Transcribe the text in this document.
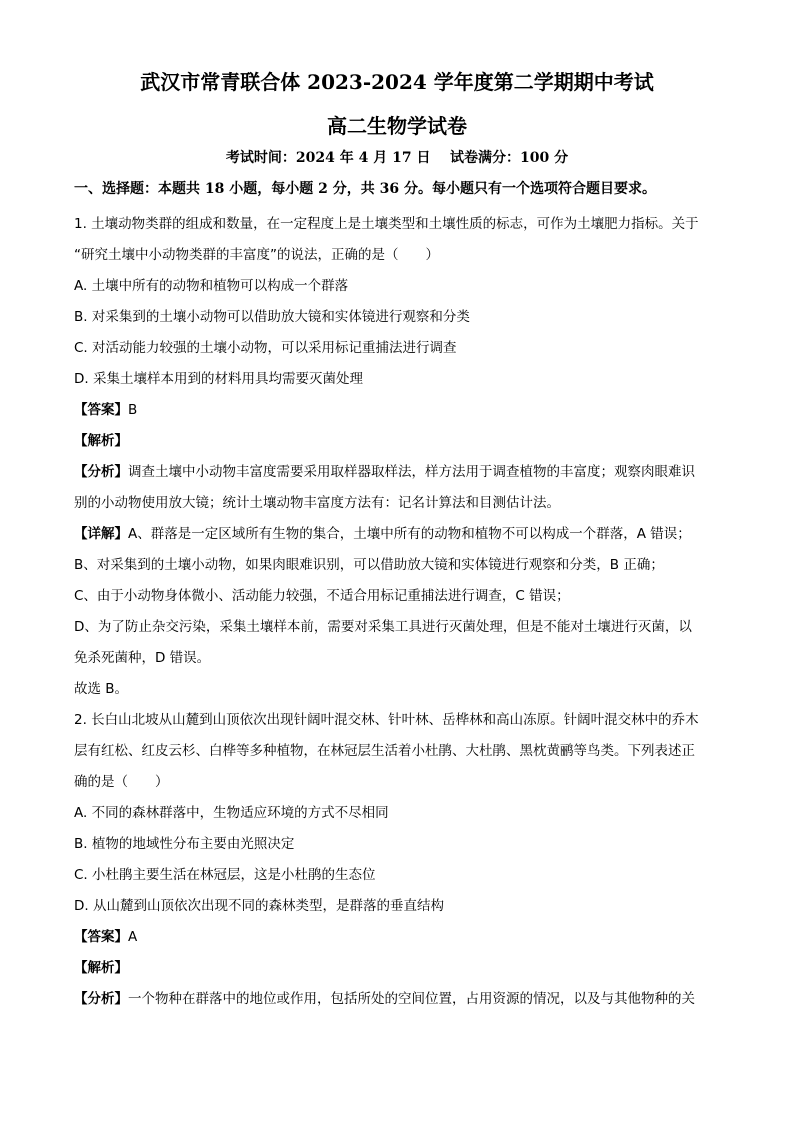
武汉市常青联合体 2023-2024 学年度第二学期期中考试
高二生物学试卷
考试时间：2024 年 4 月 17 日    试卷满分：100 分
一、选择题：本题共 18 小题，每小题 2 分，共 36 分。每小题只有一个选项符合题目要求。
1. 土壤动物类群的组成和数量，在一定程度上是土壤类型和土壤性质的标志，可作为土壤肥力指标。关于
“研究土壤中小动物类群的丰富度”的说法，正确的是（　　）
A. 土壤中所有的动物和植物可以构成一个群落
B. 对采集到的土壤小动物可以借助放大镜和实体镜进行观察和分类
C. 对活动能力较强的土壤小动物，可以采用标记重捕法进行调查
D. 采集土壤样本用到的材料用具均需要灭菌处理
【答案】B
【解析】
【分析】调查土壤中小动物丰富度需要采用取样器取样法，样方法用于调查植物的丰富度；观察肉眼难识
别的小动物使用放大镜；统计土壤动物丰富度方法有：记名计算法和目测估计法。
【详解】A、群落是一定区域所有生物的集合，土壤中所有的动物和植物不可以构成一个群落，A 错误；
B、对采集到的土壤小动物，如果肉眼难识别，可以借助放大镜和实体镜进行观察和分类，B 正确；
C、由于小动物身体微小、活动能力较强，不适合用标记重捕法进行调查，C 错误；
D、为了防止杂交污染，采集土壤样本前，需要对采集工具进行灭菌处理，但是不能对土壤进行灭菌，以
免杀死菌种，D 错误。
故选 B。
2. 长白山北坡从山麓到山顶依次出现针阔叶混交林、针叶林、岳桦林和高山冻原。针阔叶混交林中的乔木
层有红松、红皮云杉、白桦等多种植物，在林冠层生活着小杜鹃、大杜鹃、黑枕黄鹂等鸟类。下列表述正
确的是（　　）
A. 不同的森林群落中，生物适应环境的方式不尽相同
B. 植物的地域性分布主要由光照决定
C. 小杜鹃主要生活在林冠层，这是小杜鹃的生态位
D. 从山麓到山顶依次出现不同的森林类型，是群落的垂直结构
【答案】A
【解析】
【分析】一个物种在群落中的地位或作用，包括所处的空间位置，占用资源的情况，以及与其他物种的关
